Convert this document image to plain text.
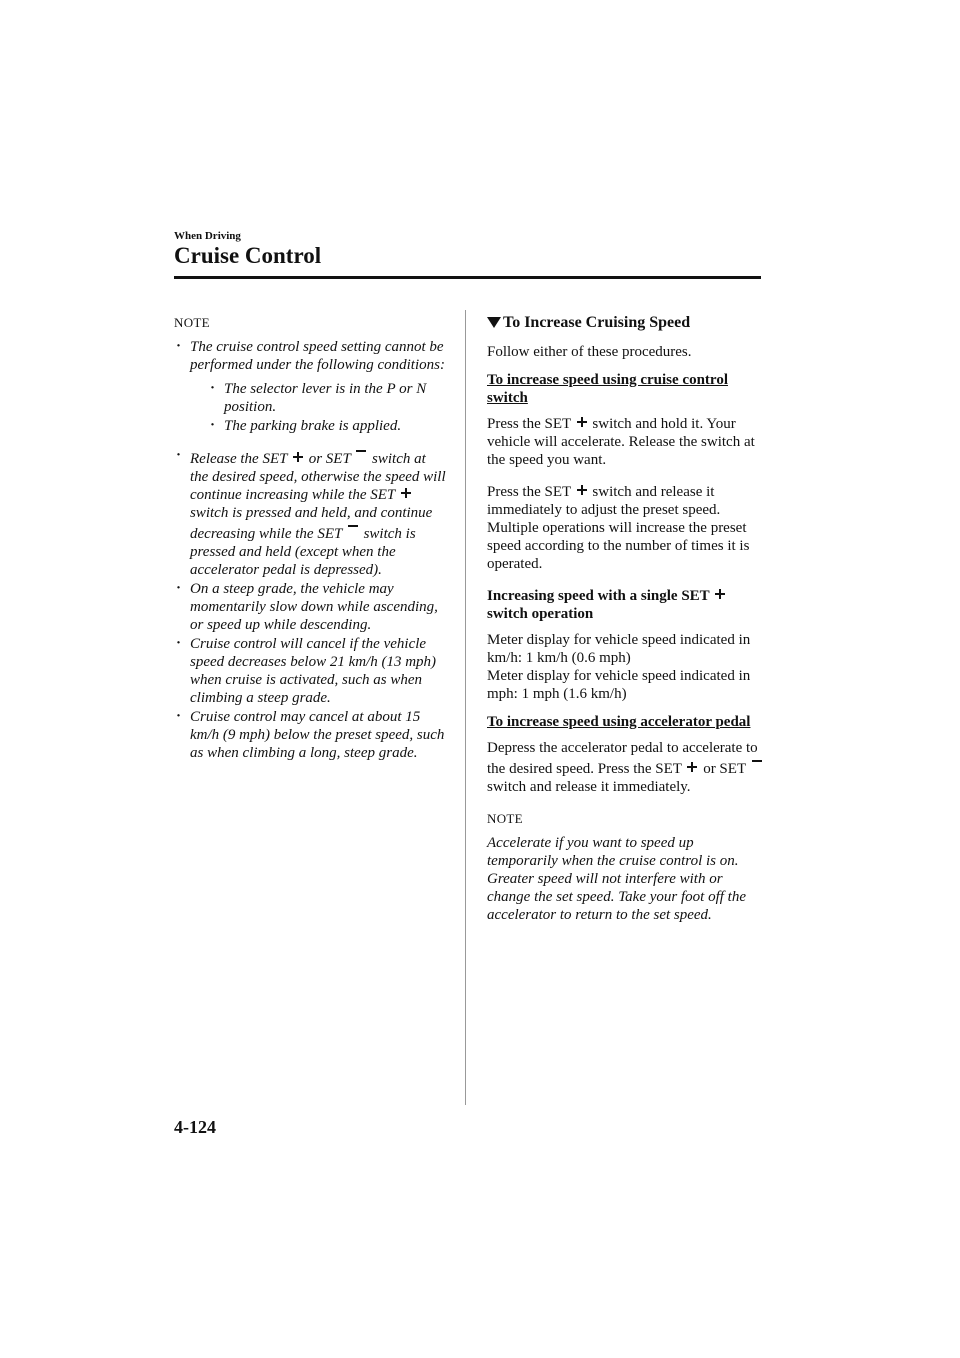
When Driving
Cruise Control
NOTE
· The cruise control speed setting cannot be performed under the following conditions:
· The selector lever is in the P or N position.
· The parking brake is applied.
· Release the SET or SET switch at the desired speed, otherwise the speed will continue increasing while the SET
switch is pressed and held, and continue decreasing while the SET switch is pressed and held (except when the accelerator pedal is depressed).
· On a steep grade, the vehicle may momentarily slow down while ascending, or speed up while descending.
· Cruise control will cancel if the vehicle speed decreases below 21 km/h (13 mph) when cruise is activated, such as when climbing a steep grade.
· Cruise control may cancel at about 15 km/h (9 mph) below the preset speed, such as when climbing a long, steep grade.
To Increase Cruising Speed

Follow either of these procedures.

To increase speed using cruise control switch

Press the SET switch and hold it. Your vehicle will accelerate. Release the switch at the speed you want.

Press the SET switch and release it immediately to adjust the preset speed. Multiple operations will increase the preset speed according to the number of times it is operated.

Increasing speed with a single SET

switch operation

Meter display for vehicle speed indicated in km/h: 1 km/h (0.6 mph)

Meter display for vehicle speed indicated in mph: 1 mph (1.6 km/h)

To increase speed using accelerator pedal

Depress the accelerator pedal to accelerate to the desired speed. Press the SET or SET
switch and release it immediately.

NOTE

Accelerate if you want to speed up temporarily when the cruise control is on. Greater speed will not interfere with or change the set speed. Take your foot off the accelerator to return to the set speed.

4-124
